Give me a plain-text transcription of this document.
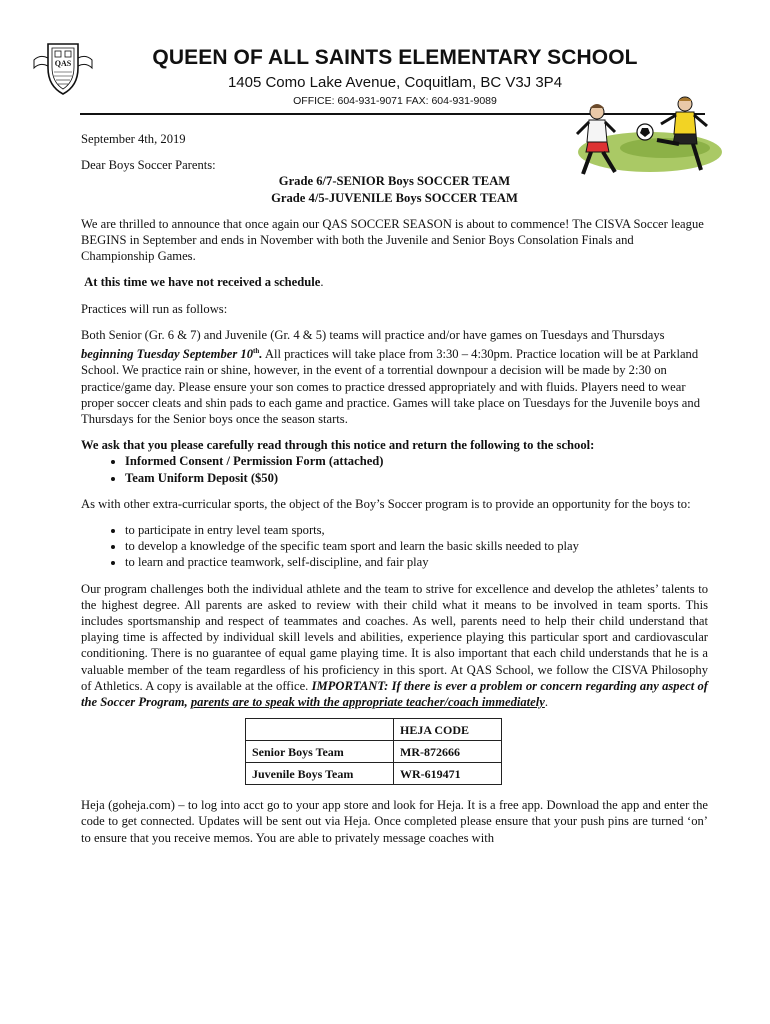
QAS	QUEEN OF ALL SAINTS ELEMENTARY SCHOOL
1405 Como Lake Avenue, Coquitlam, BC V3J 3P4
OFFICE: 604-931-9071 FAX: 604-931-9089

September 4th, 2019

Dear Boys Soccer Parents:

Grade 6/7-SENIOR Boys SOCCER TEAM

Grade 4/5-JUVENILE Boys SOCCER TEAM

We are thrilled to announce that once again our QAS SOCCER SEASON is about to commence! The CISVA Soccer league BEGINS in September and ends in November with both the Juvenile and Senior Boys Consolation Finals and Championship Games.

At this time we have not received a schedule.

Practices will run as follows:

Both Senior (Gr. 6 & 7) and Juvenile (Gr. 4 & 5) teams will practice and/or have games on Tuesdays and Thursdays beginning Tuesday September 10th. All practices will take place from 3:30 – 4:30pm. Practice location will be at Parkland School. We practice rain or shine, however, in the event of a torrential downpour a decision will be made by 2:30 on practice/game day. Please ensure your son comes to practice dressed appropriately and with fluids. Players need to wear proper soccer cleats and shin pads to each game and practice. Games will take place on Tuesdays for the Juvenile boys and Thursdays for the Senior boys once the season starts.

We ask that you please carefully read through this notice and return the following to the school:

• Informed Consent / Permission Form (attached)
• Team Uniform Deposit ($50)

As with other extra-curricular sports, the object of the Boy’s Soccer program is to provide an opportunity for the boys to:

• to participate in entry level team sports,
• to develop a knowledge of the specific team sport and learn the basic skills needed to play
• to learn and practice teamwork, self-discipline, and fair play

Our program challenges both the individual athlete and the team to strive for excellence and develop the athletes’ talents to the highest degree. All parents are asked to review with their child what it means to be involved in team sports. This includes sportsmanship and respect of teammates and coaches. As well, parents need to help their child understand that playing time is affected by individual skill levels and abilities, experience playing this particular sport and cardiovascular conditioning. There is no guarantee of equal game playing time. It is also important that each child understands that he is a valuable member of the team regardless of his proficiency in this sport. At QAS School, we follow the CISVA Philosophy of Athletics. A copy is available at the office. IMPORTANT: If there is ever a problem or concern regarding any aspect of the Soccer Program, parents are to speak with the appropriate teacher/coach immediately.

	HEJA CODE
Senior Boys Team	MR-872666
Juvenile Boys Team	WR-619471

Heja (goheja.com) – to log into acct go to your app store and look for Heja. It is a free app. Download the app and enter the code to get connected. Updates will be sent out via Heja. Once completed please ensure that your push pins are turned ‘on’ to ensure that you receive memos. You are able to privately message coaches with
